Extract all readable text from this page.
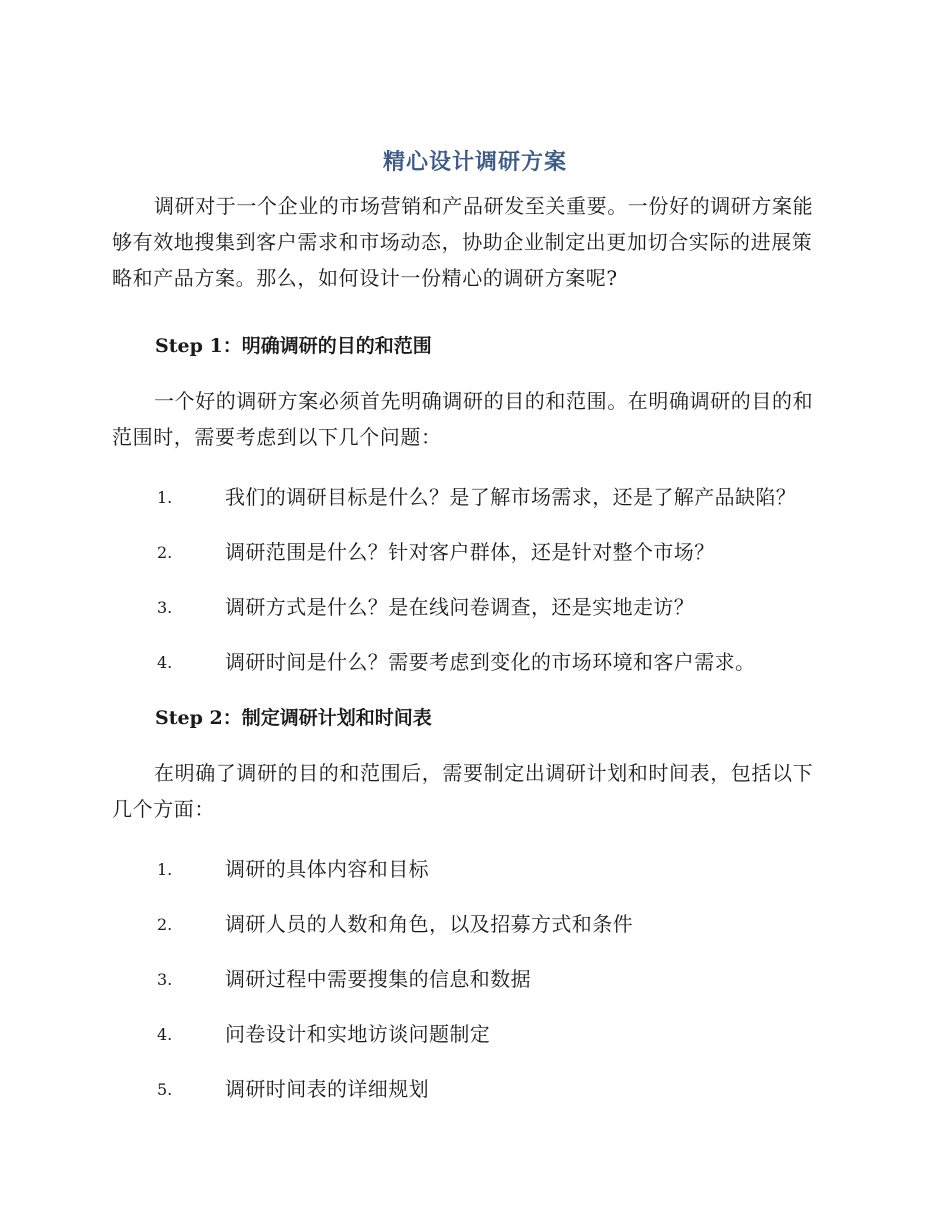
精心设计调研方案
调研对于一个企业的市场营销和产品研发至关重要。一份好的调研方案能够有效地搜集到客户需求和市场动态，协助企业制定出更加切合实际的进展策略和产品方案。那么，如何设计一份精心的调研方案呢?
Step 1：明确调研的目的和范围
一个好的调研方案必须首先明确调研的目的和范围。在明确调研的目的和范围时，需要考虑到以下几个问题：
1.	我们的调研目标是什么？是了解市场需求，还是了解产品缺陷？
2.	调研范围是什么？针对客户群体，还是针对整个市场？
3.	调研方式是什么？是在线问卷调查，还是实地走访？
4.	调研时间是什么？需要考虑到变化的市场环境和客户需求。
Step 2：制定调研计划和时间表
在明确了调研的目的和范围后，需要制定出调研计划和时间表，包括以下几个方面：
1.	调研的具体内容和目标
2.	调研人员的人数和角色，以及招募方式和条件
3.	调研过程中需要搜集的信息和数据
4.	问卷设计和实地访谈问题制定
5.	调研时间表的详细规划
